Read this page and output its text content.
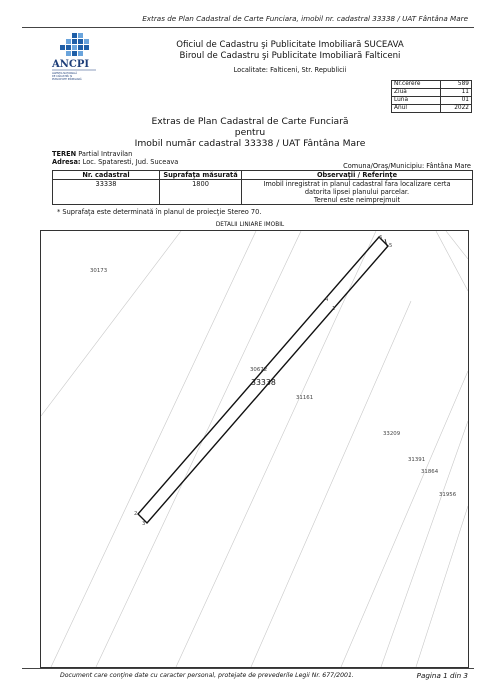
Extras de Plan Cadastral de Carte Funciara, imobil nr. cadastral 33338 / UAT Fântâna Mare
ANCPI
AGENŢIA NAŢIONALĂ
DE CADASTRU ŞI
PUBLICITATE IMOBILIARĂ
Oficiul de Cadastru şi Publicitate Imobiliară SUCEAVA
Biroul de Cadastru şi Publicitate Imobiliară Falticeni
Localitate: Falticeni, Str. Republicii
Nr.cerere	589
Ziua	11
Luna	01
Anul	2022
Extras de Plan Cadastral de Carte Funciară
pentru
Imobil număr cadastral 33338 / UAT Fântâna Mare
TEREN Partial Intravilan
Adresa: Loc. Spataresti, Jud. Suceava	Comuna/Oraş/Municipiu: Fântâna Mare
Nr. cadastral	Suprafaţa măsurată	Observaţii / Referinţe
33338	1800	Imobil inregistrat in planul cadastral fara localizare certa
datorita lipsei planului parcelar.
Terenul este neimprejmuit
* Suprafaţa este determinată în planul de proiecţie Stereo 70.
DETALII LINIARE IMOBIL
30173
31161
33209
31391
31864
31956
30672
6
5
4
1
2
3
33338
Document care conţine date cu caracter personal, protejate de prevederile Legii Nr. 677/2001.	Pagina 1 din 3
